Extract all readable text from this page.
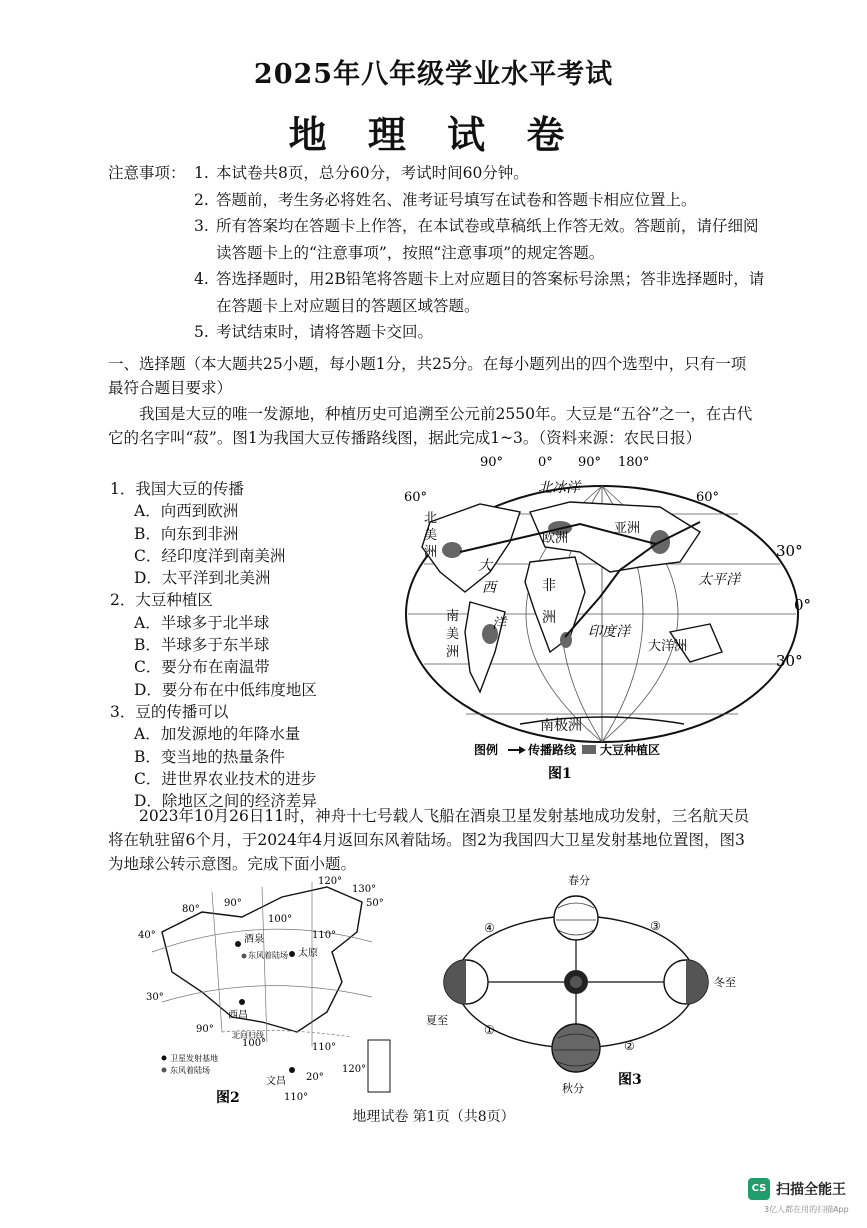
2025年八年级学业水平考试
地 理 试 卷
注意事项： 1. 本试卷共8页，总分60分，考试时间60分钟。
2. 答题前，考生务必将姓名、准考证号填写在试卷和答题卡相应位置上。
3. 所有答案均在答题卡上作答，在本试卷或草稿纸上作答无效。答题前，请仔细阅读答题卡上的“注意事项”，按照“注意事项”的规定答题。
4. 答选择题时，用2B铅笔将答题卡上对应题目的答案标号涂黑；答非选择题时，请在答题卡上对应题目的答题区域答题。
5. 考试结束时，请将答题卡交回。
一、选择题（本大题共25小题，每小题1分，共25分。在每小题列出的四个选型中，只有一项最符合题目要求）
我国是大豆的唯一发源地，种植历史可追溯至公元前2550年。大豆是“五谷”之一，在古代它的名字叫“菽”。图1为我国大豆传播路线图，据此完成1~3。（资料来源：农民日报）

1．我国大豆的传播

A．向西到欧洲

B．向东到非洲

C．经印度洋到南美洲

D．太平洋到北美洲

2．大豆种植区

A．半球多于北半球

B．半球多于东半球

C．要分布在南温带

D．要分布在中低纬度地区

3．豆的传播可以

A．加发源地的年降水量

B．变当地的热量条件

C．进世界农业技术的进步

D．除地区之间的经济差异

90°	0° 90° 180°
60°	60°
30°
0°
30°
北冰洋
北
美
洲
欧洲
亚洲
大
西
洋
非
洲
太平洋
南
美
洲
印度洋
大洋洲
南极洲
图例 传播路线 大豆种植区
图1
2023年10月26日11时，神舟十七号载人飞船在酒泉卫星发射基地成功发射，三名航天员将在轨驻留6个月，于2024年4月返回东风着陆场。图2为我国四大卫星发射基地位置图，图3为地球公转示意图。完成下面小题。
120°
130°
50°
80°
90°
100°
110°
40°
30°
90°
100°	110°
120°
20°
110°
酒泉
东风着陆场 太原
西昌
北回归线
文昌
卫星发射基地
东风着陆场
图2
春分
夏至
冬至
秋分
④	③
①
②
图3
地理试卷 第1页（共8页）
CS 扫描全能王
3亿人都在用的扫描App
